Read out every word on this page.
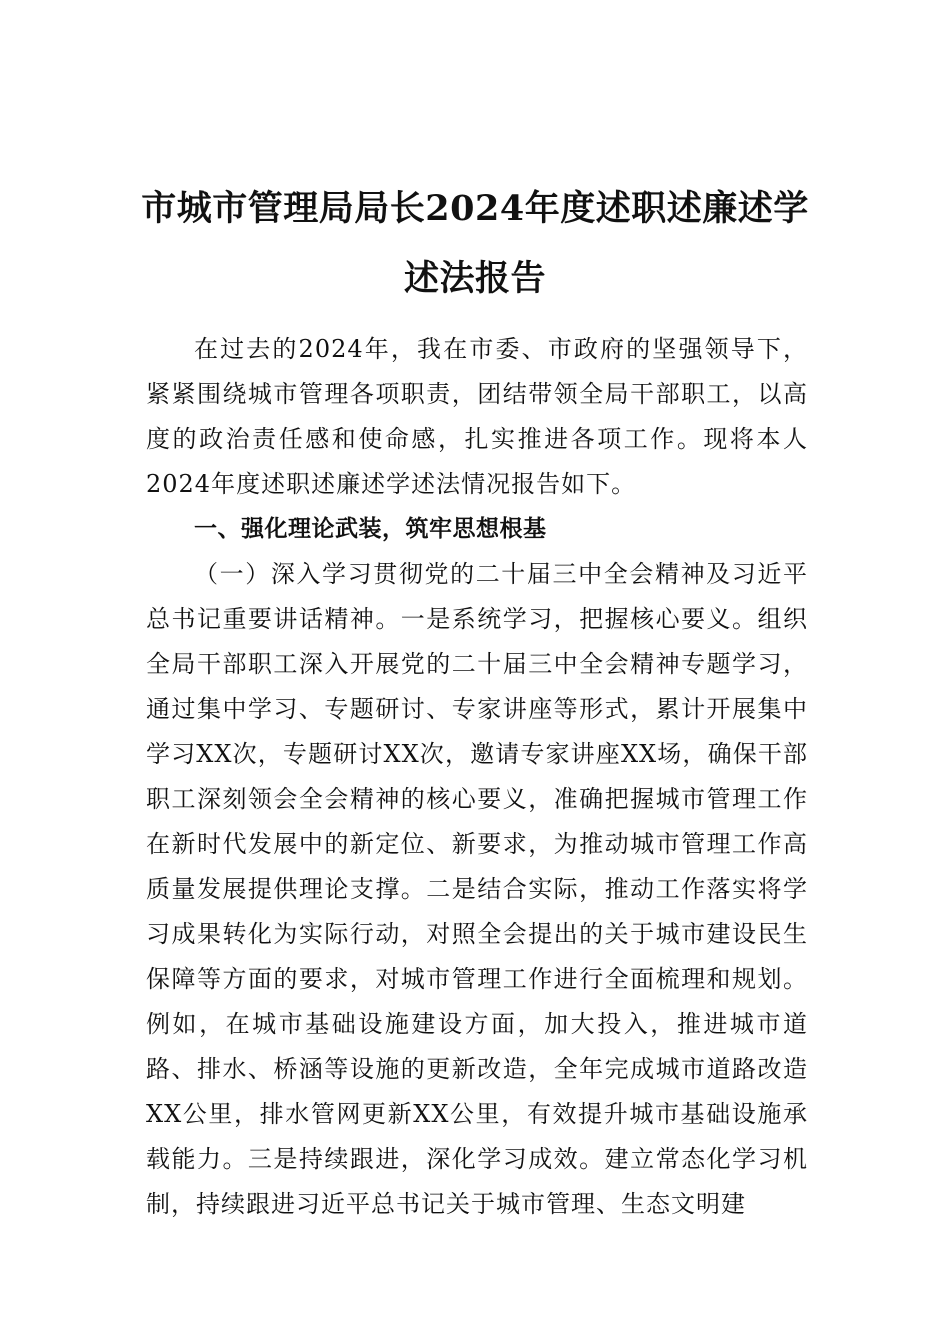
市城市管理局局长2024年度述职述廉述学
述法报告

在过去的2024年，我在市委、市政府的坚强领导下，紧紧围绕城市管理各项职责，团结带领全局干部职工，以高度的政治责任感和使命感，扎实推进各项工作。现将本人2024年度述职述廉述学述法情况报告如下。

一、强化理论武装，筑牢思想根基

（一）深入学习贯彻党的二十届三中全会精神及习近平总书记重要讲话精神。一是系统学习，把握核心要义。组织全局干部职工深入开展党的二十届三中全会精神专题学习，通过集中学习、专题研讨、专家讲座等形式，累计开展集中学习XX次，专题研讨XX次，邀请专家讲座XX场，确保干部职工深刻领会全会精神的核心要义，准确把握城市管理工作在新时代发展中的新定位、新要求，为推动城市管理工作高质量发展提供理论支撑。二是结合实际，推动工作落实将学习成果转化为实际行动，对照全会提出的关于城市建设民生保障等方面的要求，对城市管理工作进行全面梳理和规划。例如，在城市基础设施建设方面，加大投入，推进城市道路、排水、桥涵等设施的更新改造，全年完成城市道路改造XX公里，排水管网更新XX公里，有效提升城市基础设施承载能力。三是持续跟进，深化学习成效。建立常态化学习机制，持续跟进习近平总书记关于城市管理、生态文明建
